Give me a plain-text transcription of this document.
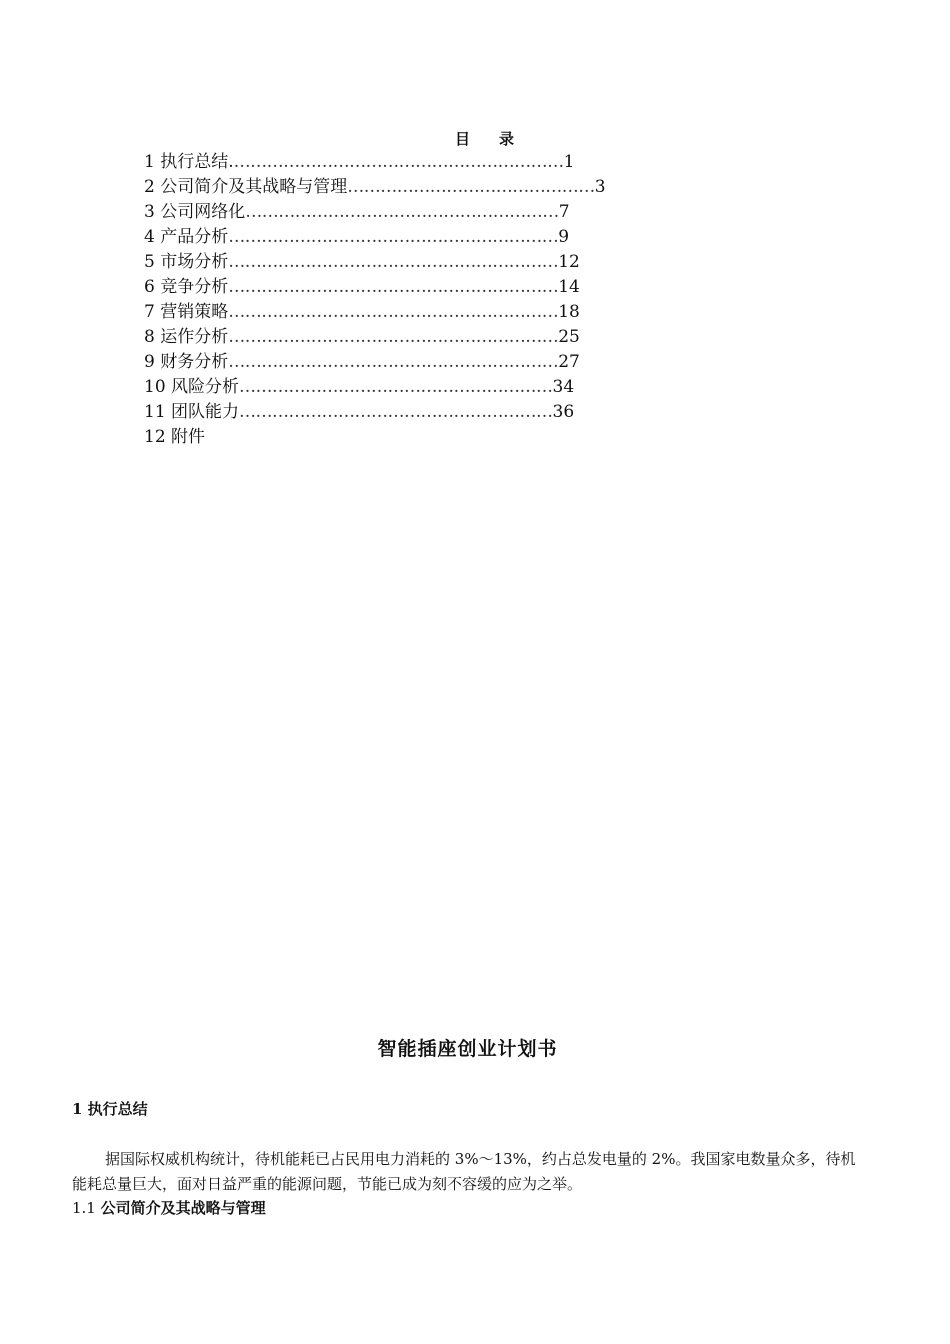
目 录
1 执行总结. …………………………………………………… 1
2 公司简介及其战略与管理 ……………………………………… 3
3 公司网络化 ………………………………………………… 7
4 产品分析 …………………………………………………… 9
5 市场分析 …………………………………………………… 12
6 竞争分析 …………………………………………………… 14
7 营销策略 …………………………………………………… 18
8 运作分析 …………………………………………………… 25
9 财务分析 …………………………………………………… 27
10 风险分析 ………………………………………………… 34
11 团队能力 ………………………………………………… 36
12 附件
智能插座创业计划书
1 执行总结

据国际权威机构统计，待机能耗已占民用电力消耗的 3%～13%，约占总发电量的 2%。我国家电数量众多，待机能耗总量巨大，面对日益严重的能源问题，节能已成为刻不容缓的应为之举。

1.1 公司简介及其战略与管理
